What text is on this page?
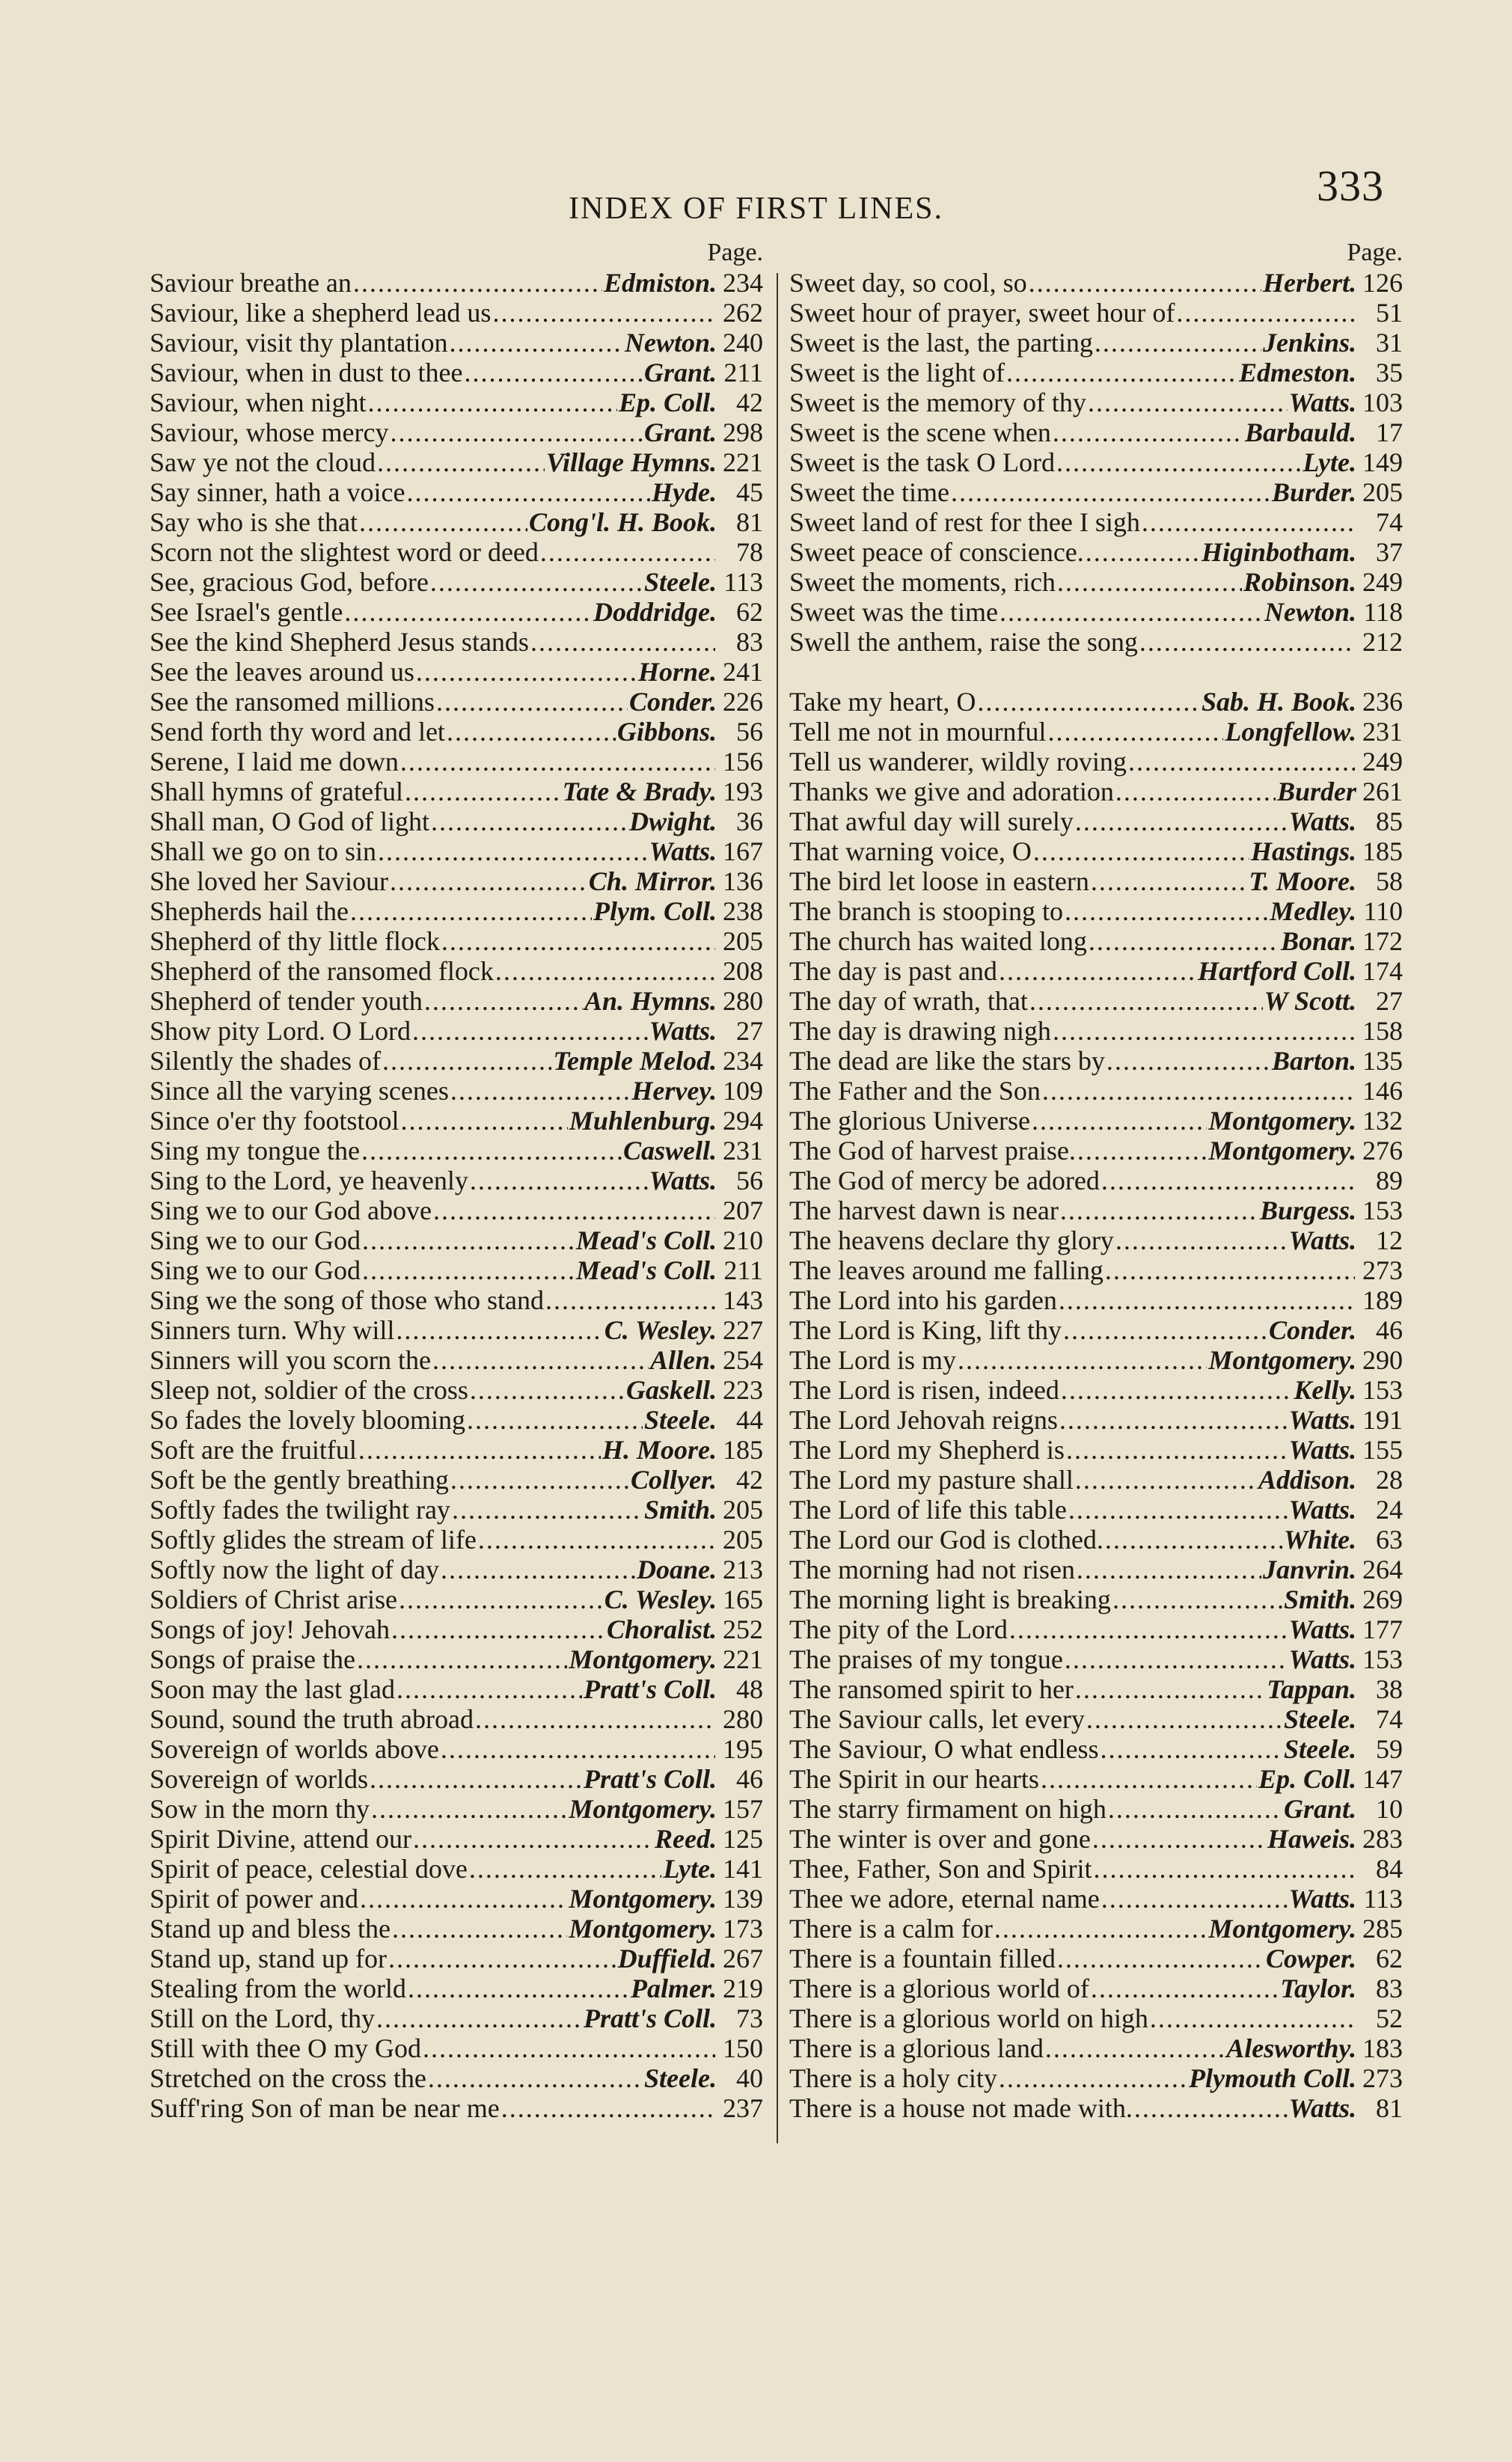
333
INDEX OF FIRST LINES.
Page.
Saviour breathe an .....	Edmiston. 234
Saviour, like a shepherd lead us .....	262
Saviour, visit thy plantation .....	Newton. 240
Saviour, when in dust to thee .....	Grant. 211
Saviour, when night .....	Ep. Coll. 42
Saviour, whose mercy .....	Grant. 298
Saw ye not the cloud .....	Village Hymns. 221
Say sinner, hath a voice .....	Hyde. 45
Say who is she that .....	Cong'l. H. Book. 81
Scorn not the slightest word or deed .....	78
See, gracious God, before .....	Steele. 113
See Israel's gentle .....	Doddridge. 62
See the kind Shepherd Jesus stands .....	83
See the leaves around us .....	Horne. 241
See the ransomed millions .....	Conder. 226
Send forth thy word and let .....	Gibbons. 56
Serene, I laid me down .....	156
Shall hymns of grateful .....	Tate & Brady. 193
Shall man, O God of light .....	Dwight. 36
Shall we go on to sin .....	Watts. 167
She loved her Saviour .....	Ch. Mirror. 136
Shepherds hail the .....	Plym. Coll. 238
Shepherd of thy little flock .....	205
Shepherd of the ransomed flock .....	208
Shepherd of tender youth .....	An. Hymns. 280
Show pity Lord. O Lord .....	Watts. 27
Silently the shades of .....	Temple Melod. 234
Since all the varying scenes .....	Hervey. 109
Since o'er thy footstool .....	Muhlenburg. 294
Sing my tongue the .....	Caswell. 231
Sing to the Lord, ye heavenly .....	Watts. 56
Sing we to our God above .....	207
Sing we to our God .....	Mead's Coll. 210
Sing we to our God .....	Mead's Coll. 211
Sing we the song of those who stand .....	143
Sinners turn. Why will .....	C. Wesley. 227
Sinners will you scorn the .....	Allen. 254
Sleep not, soldier of the cross .....	Gaskell. 223
So fades the lovely blooming .....	Steele. 44
Soft are the fruitful .....	H. Moore. 185
Soft be the gently breathing .....	Collyer. 42
Softly fades the twilight ray .....	Smith. 205
Softly glides the stream of life .....	205
Softly now the light of day .....	Doane. 213
Soldiers of Christ arise .....	C. Wesley. 165
Songs of joy! Jehovah .....	Choralist. 252
Songs of praise the .....	Montgomery. 221
Soon may the last glad .....	Pratt's Coll. 48
Sound, sound the truth abroad .....	280
Sovereign of worlds above .....	195
Sovereign of worlds .....	Pratt's Coll. 46
Sow in the morn thy .....	Montgomery. 157
Spirit Divine, attend our .....	Reed. 125
Spirit of peace, celestial dove .....	Lyte. 141
Spirit of power and .....	Montgomery. 139
Stand up and bless the .....	Montgomery. 173
Stand up, stand up for .....	Duffield. 267
Stealing from the world .....	Palmer. 219
Still on the Lord, thy .....	Pratt's Coll. 73
Still with thee O my God .....	150
Stretched on the cross the .....	Steele. 40
Suff'ring Son of man be near me .....	237
Page.
Sweet day, so cool, so .....	Herbert. 126
Sweet hour of prayer, sweet hour of .....	51
Sweet is the last, the parting .....	Jenkins. 31
Sweet is the light of .....	Edmeston. 35
Sweet is the memory of thy .....	Watts. 103
Sweet is the scene when .....	Barbauld. 17
Sweet is the task O Lord .....	Lyte. 149
Sweet the time .....	Burder. 205
Sweet land of rest for thee I sigh .....	74
Sweet peace of conscience. .....	Higinbotham. 37
Sweet the moments, rich .....	Robinson. 249
Sweet was the time .....	Newton. 118
Swell the anthem, raise the song .....	212
Take my heart, O .....	Sab. H. Book. 236
Tell me not in mournful .....	Longfellow. 231
Tell us wanderer, wildly roving .....	249
Thanks we give and adoration .....	Burder 261
That awful day will surely .....	Watts. 85
That warning voice, O .....	Hastings. 185
The bird let loose in eastern .....	T. Moore. 58
The branch is stooping to .....	Medley. 110
The church has waited long .....	Bonar. 172
The day is past and .....	Hartford Coll. 174
The day of wrath, that .....	W Scott. 27
The day is drawing nigh .....	158
The dead are like the stars by .....	Barton. 135
The Father and the Son .....	146
The glorious Universe .....	Montgomery. 132
The God of harvest praise. .....	Montgomery. 276
The God of mercy be adored .....	89
The harvest dawn is near .....	Burgess. 153
The heavens declare thy glory .....	Watts. 12
The leaves around me falling .....	273
The Lord into his garden .....	189
The Lord is King, lift thy .....	Conder. 46
The Lord is my .....	Montgomery. 290
The Lord is risen, indeed .....	Kelly. 153
The Lord Jehovah reigns .....	Watts. 191
The Lord my Shepherd is .....	Watts. 155
The Lord my pasture shall .....	Addison. 28
The Lord of life this table .....	Watts. 24
The Lord our God is clothed. .....	White. 63
The morning had not risen .....	Janvrin. 264
The morning light is breaking .....	Smith. 269
The pity of the Lord .....	Watts. 177
The praises of my tongue .....	Watts. 153
The ransomed spirit to her .....	Tappan. 38
The Saviour calls, let every .....	Steele. 74
The Saviour, O what endless .....	Steele. 59
The Spirit in our hearts .....	Ep. Coll. 147
The starry firmament on high .....	Grant. 10
The winter is over and gone .....	Haweis. 283
Thee, Father, Son and Spirit .....	84
Thee we adore, eternal name .....	Watts. 113
There is a calm for .....	Montgomery. 285
There is a fountain filled .....	Cowper. 62
There is a glorious world of .....	Taylor. 83
There is a glorious world on high .....	52
There is a glorious land .....	Alesworthy. 183
There is a holy city .....	Plymouth Coll. 273
There is a house not made with. .....	Watts. 81
